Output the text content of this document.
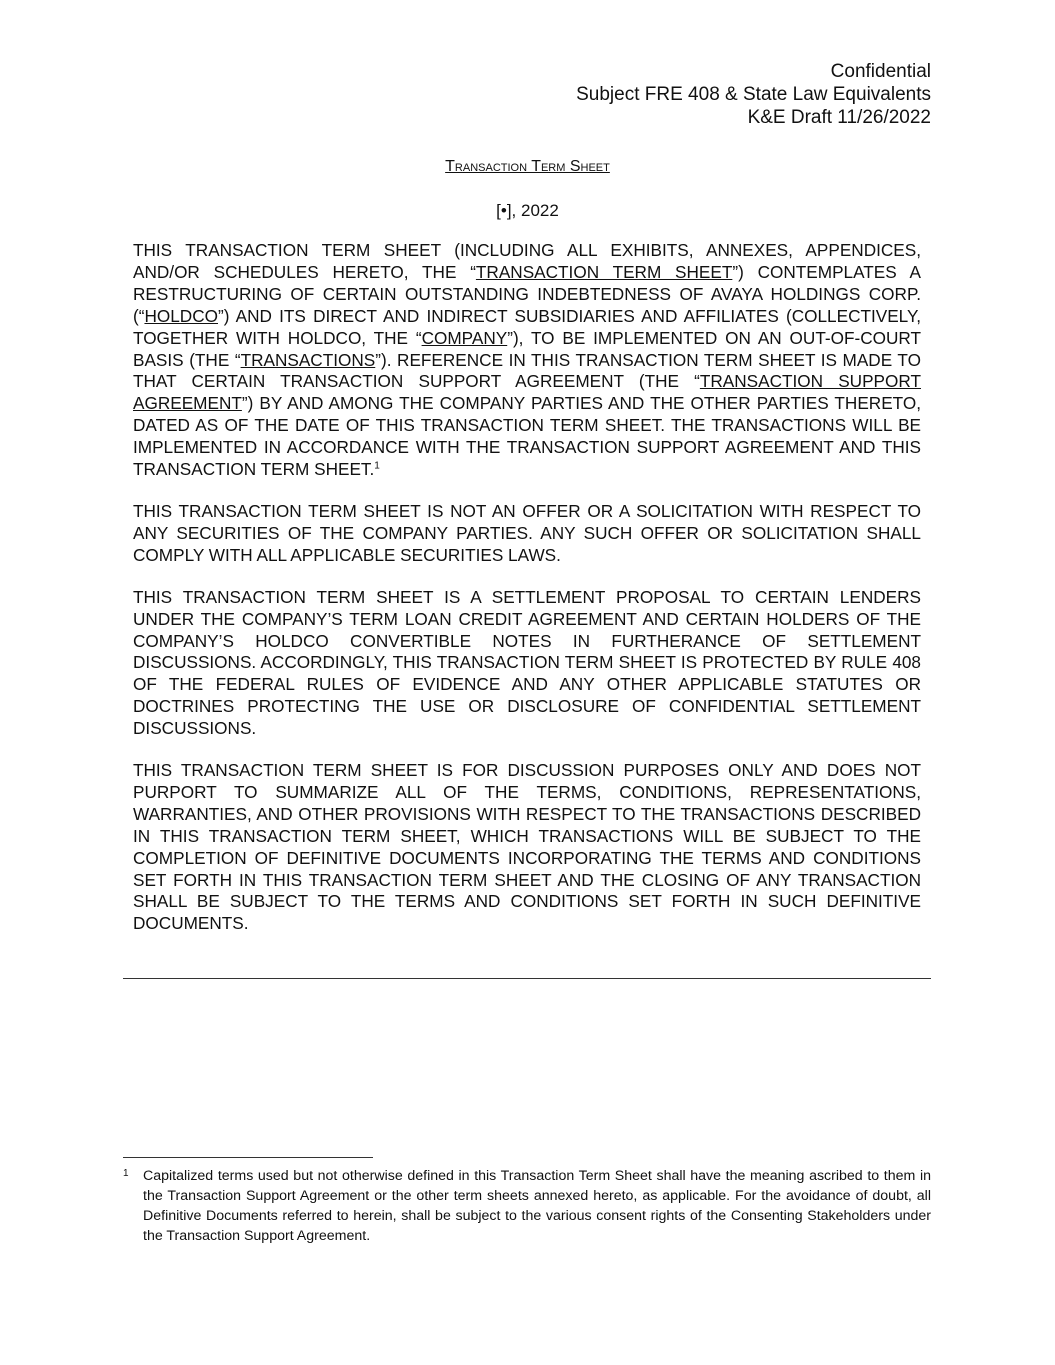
Confidential
Subject FRE 408 & State Law Equivalents
K&E Draft 11/26/2022
Transaction Term Sheet
[•], 2022

THIS TRANSACTION TERM SHEET (INCLUDING ALL EXHIBITS, ANNEXES, APPENDICES, AND/OR SCHEDULES HERETO, THE “TRANSACTION TERM SHEET”) CONTEMPLATES A RESTRUCTURING OF CERTAIN OUTSTANDING INDEBTEDNESS OF AVAYA HOLDINGS CORP. (“HOLDCO”) AND ITS DIRECT AND INDIRECT SUBSIDIARIES AND AFFILIATES (COLLECTIVELY, TOGETHER WITH HOLDCO, THE “COMPANY”), TO BE IMPLEMENTED ON AN OUT-OF-COURT BASIS (THE “TRANSACTIONS”). REFERENCE IN THIS TRANSACTION TERM SHEET IS MADE TO THAT CERTAIN TRANSACTION SUPPORT AGREEMENT (THE “TRANSACTION SUPPORT AGREEMENT”) BY AND AMONG THE COMPANY PARTIES AND THE OTHER PARTIES THERETO, DATED AS OF THE DATE OF THIS TRANSACTION TERM SHEET. THE TRANSACTIONS WILL BE IMPLEMENTED IN ACCORDANCE WITH THE TRANSACTION SUPPORT AGREEMENT AND THIS TRANSACTION TERM SHEET.$^1$

THIS TRANSACTION TERM SHEET IS NOT AN OFFER OR A SOLICITATION WITH RESPECT TO ANY SECURITIES OF THE COMPANY PARTIES. ANY SUCH OFFER OR SOLICITATION SHALL COMPLY WITH ALL APPLICABLE SECURITIES LAWS.

THIS TRANSACTION TERM SHEET IS A SETTLEMENT PROPOSAL TO CERTAIN LENDERS UNDER THE COMPANY’S TERM LOAN CREDIT AGREEMENT AND CERTAIN HOLDERS OF THE COMPANY’S HOLDCO CONVERTIBLE NOTES IN FURTHERANCE OF SETTLEMENT DISCUSSIONS. ACCORDINGLY, THIS TRANSACTION TERM SHEET IS PROTECTED BY RULE 408 OF THE FEDERAL RULES OF EVIDENCE AND ANY OTHER APPLICABLE STATUTES OR DOCTRINES PROTECTING THE USE OR DISCLOSURE OF CONFIDENTIAL SETTLEMENT DISCUSSIONS.

THIS TRANSACTION TERM SHEET IS FOR DISCUSSION PURPOSES ONLY AND DOES NOT PURPORT TO SUMMARIZE ALL OF THE TERMS, CONDITIONS, REPRESENTATIONS, WARRANTIES, AND OTHER PROVISIONS WITH RESPECT TO THE TRANSACTIONS DESCRIBED IN THIS TRANSACTION TERM SHEET, WHICH TRANSACTIONS WILL BE SUBJECT TO THE COMPLETION OF DEFINITIVE DOCUMENTS INCORPORATING THE TERMS AND CONDITIONS SET FORTH IN THIS TRANSACTION TERM SHEET AND THE CLOSING OF ANY TRANSACTION SHALL BE SUBJECT TO THE TERMS AND CONDITIONS SET FORTH IN SUCH DEFINITIVE DOCUMENTS.

1 Capitalized terms used but not otherwise defined in this Transaction Term Sheet shall have the meaning ascribed to them in the Transaction Support Agreement or the other term sheets annexed hereto, as applicable. For the avoidance of doubt, all Definitive Documents referred to herein, shall be subject to the various consent rights of the Consenting Stakeholders under the Transaction Support Agreement.
